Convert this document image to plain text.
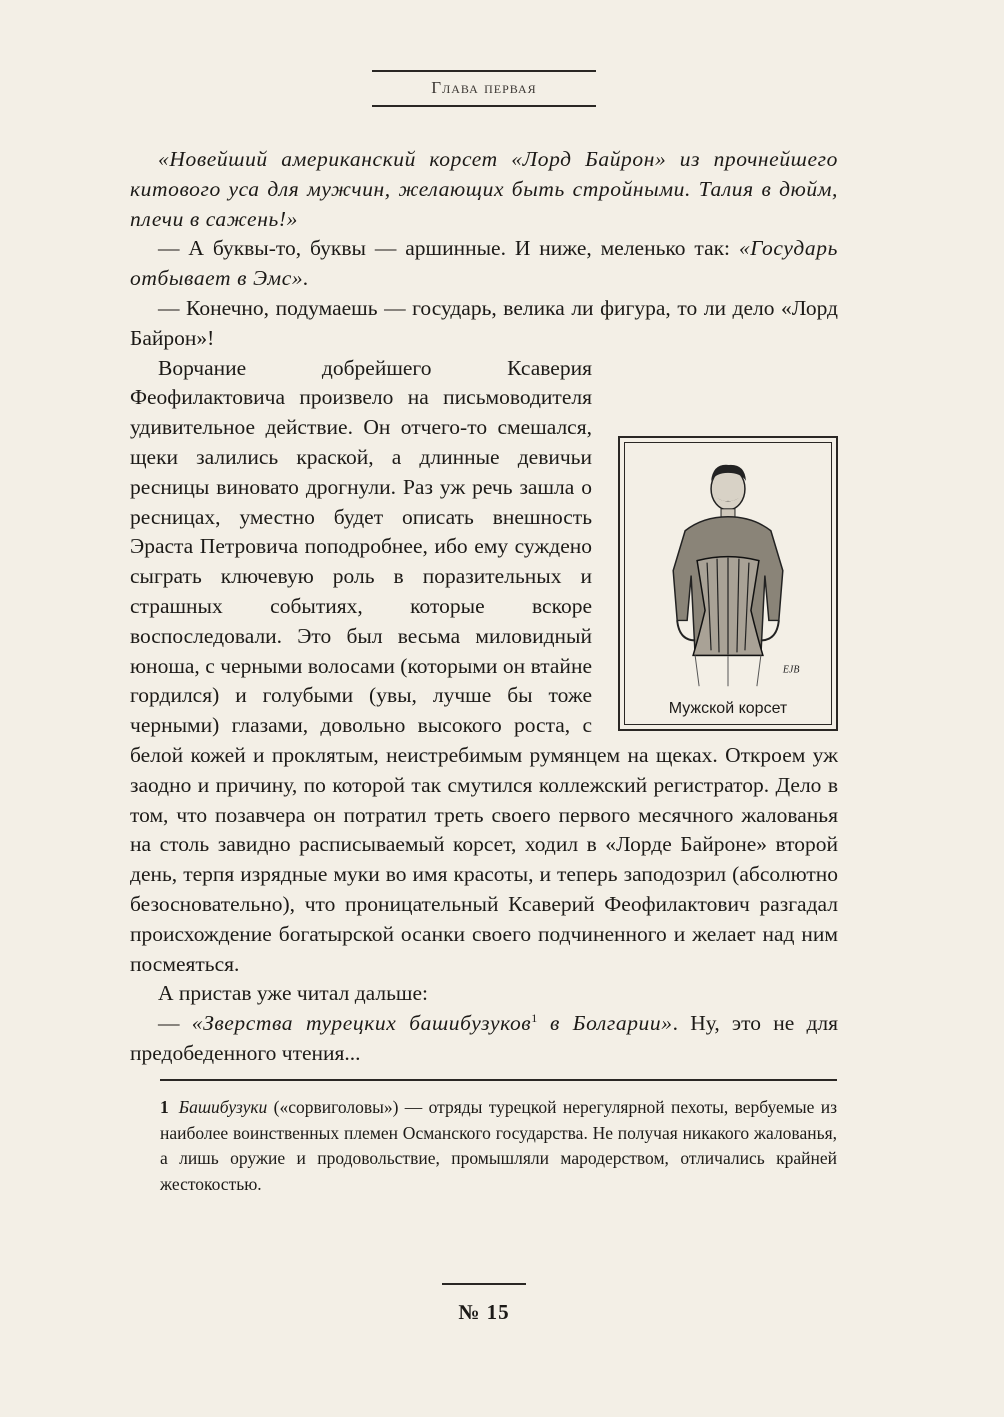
Глава первая

«Новейший американский корсет «Лорд Байрон» из прочнейшего китового уса для мужчин, желающих быть стройными. Талия в дюйм, плечи в сажень!»

— А буквы-то, буквы — аршинные. И ниже, меленько так: «Государь отбывает в Эмс».

— Конечно, подумаешь — государь, велика ли фигура, то ли дело «Лорд Байрон»!

EJB
Мужской корсет
Ворчание добрейшего Ксаверия Феофилактовича произвело на письмоводителя удивительное действие. Он отчего-то смешался, щеки залились краской, а длинные девичьи ресницы виновато дрогнули. Раз уж речь зашла о ресницах, уместно будет описать внешность Эраста Петровича поподробнее, ибо ему суждено сыграть ключевую роль в поразительных и страшных событиях, которые вскоре воспоследовали. Это был весьма миловидный юноша, с черными волосами (которыми он втайне гордился) и голубыми (увы, лучше бы тоже черными) глазами, довольно высокого роста, с белой кожей и проклятым, неистребимым румянцем на щеках. Откроем уж заодно и причину, по которой так смутился коллежский регистратор. Дело в том, что позавчера он потратил треть своего первого месячного жалованья на столь завидно расписываемый корсет, ходил в «Лорде Байроне» второй день, терпя изрядные муки во имя красоты, и теперь заподозрил (абсолютно безосновательно), что проницательный Ксаверий Феофилактович разгадал происхождение богатырской осанки своего подчиненного и желает над ним посмеяться.

А пристав уже читал дальше:

— «Зверства турецких башибузуков$^1$ в Болгарии». Ну, это не для предобеденного чтения...

1 Башибузуки («сорвиголовы») — отряды турецкой нерегулярной пехоты, вербуемые из наиболее воинственных племен Османского государства. Не получая никакого жалованья, а лишь оружие и продовольствие, промышляли мародерством, отличались крайней жестокостью.
№ 15
